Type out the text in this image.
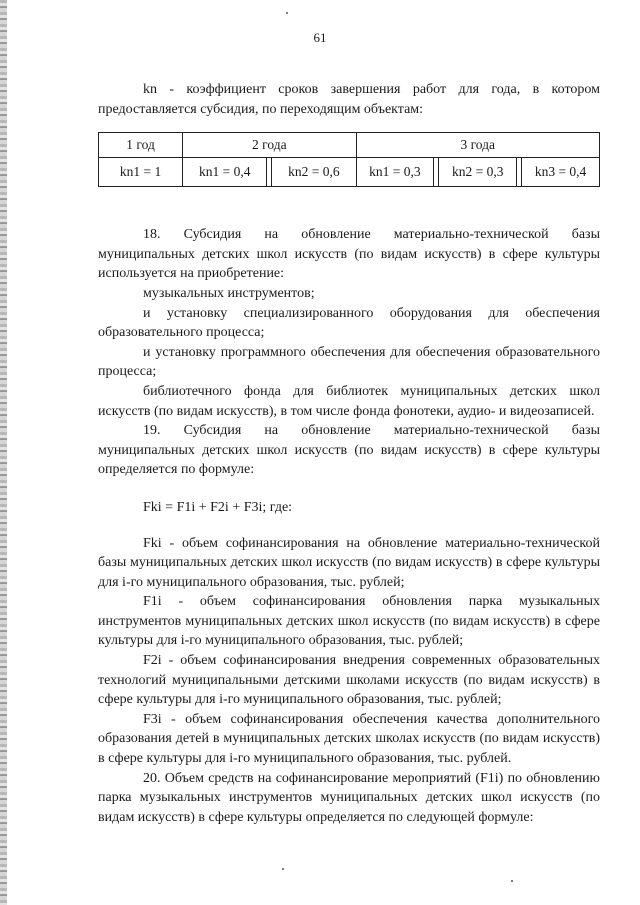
61

kn - коэффициент сроков завершения работ для года, в котором предоставляется субсидия, по переходящим объектам:

1 год	2 года	3 года
kn1 = 1	kn1 = 0,4 kn2 = 0,6	kn1 = 0,3 kn2 = 0,3 kn3 = 0,4

18. Субсидия на обновление материально-технической базы муниципальных детских школ искусств (по видам искусств) в сфере культуры используется на приобретение:

музыкальных инструментов;

и установку специализированного оборудования для обеспечения образовательного процесса;

и установку программного обеспечения для обеспечения образовательного процесса;

библиотечного фонда для библиотек муниципальных детских школ искусств (по видам искусств), в том числе фонда фонотеки, аудио- и видеозаписей.

19. Субсидия на обновление материально-технической базы муниципальных детских школ искусств (по видам искусств) в сфере культуры определяется по формуле:

Fki = F1i + F2i + F3i; где:

Fki - объем софинансирования на обновление материально-технической базы муниципальных детских школ искусств (по видам искусств) в сфере культуры для i-го муниципального образования, тыс. рублей;

F1i - объем софинансирования обновления парка музыкальных инструментов муниципальных детских школ искусств (по видам искусств) в сфере культуры для i-го муниципального образования, тыс. рублей;

F2i - объем софинансирования внедрения современных образовательных технологий муниципальными детскими школами искусств (по видам искусств) в сфере культуры для i-го муниципального образования, тыс. рублей;

F3i - объем софинансирования обеспечения качества дополнительного образования детей в муниципальных детских школах искусств (по видам искусств) в сфере культуры для i-го муниципального образования, тыс. рублей.

20. Объем средств на софинансирование мероприятий (F1i) по обновлению парка музыкальных инструментов муниципальных детских школ искусств (по видам искусств) в сфере культуры определяется по следующей формуле:
